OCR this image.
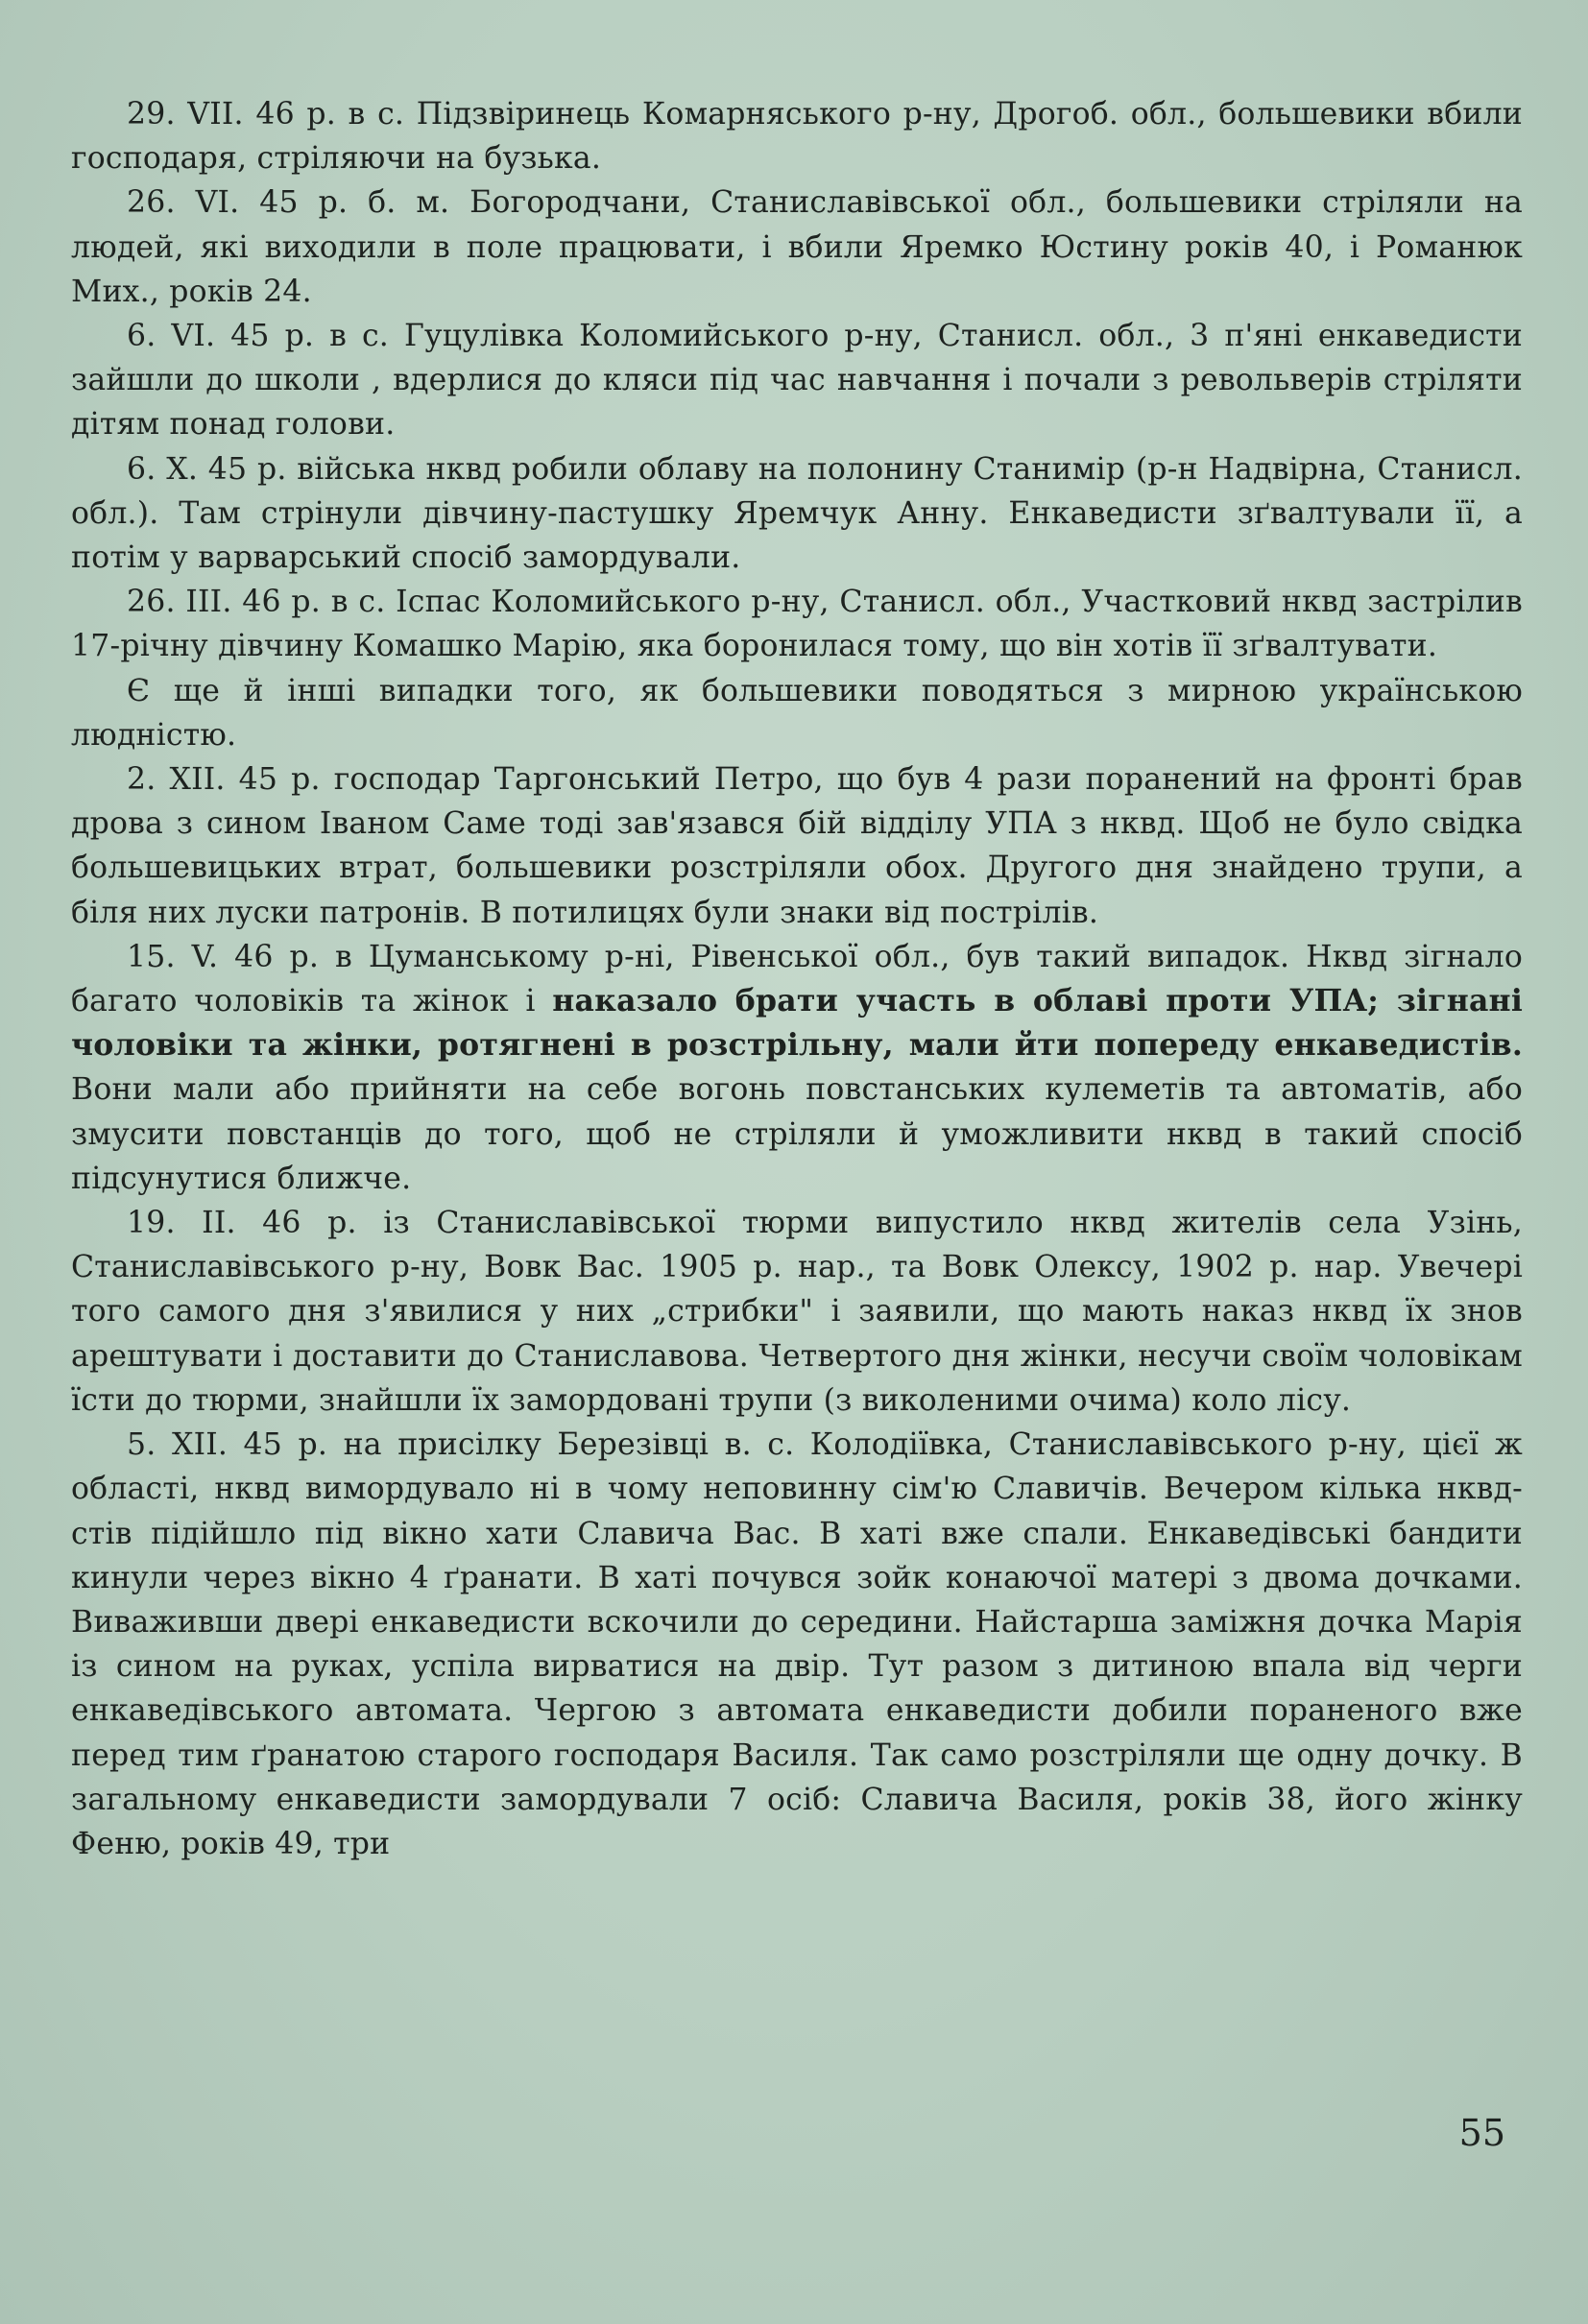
29. VII. 46 р. в с. Підзвіринець Комарняського р-ну, Дрогоб. обл., большевики вбили господаря, стріляючи на бузька.

26. VI. 45 р. б. м. Богородчани, Станиславівської обл., большевики стріляли на людей, які виходили в поле працювати, і вбили Яремко Юстину років 40, і Романюк Мих., років 24.

6. VI. 45 р. в с. Гуцулівка Коломийського р-ну, Станисл. обл., 3 п'яні енкаведисти зайшли до школи , вдерлися до кляси під час навчання і почали з револьверів стріляти дітям понад голови.

6. X. 45 р. війська нквд робили облаву на полонину Станимір (р-н Надвірна, Станисл. обл.). Там стрінули дівчину-пастушку Яремчук Анну. Енкаведисти зґвалтували її, а потім у варварський спосіб замордували.

26. III. 46 р. в с. Іспас Коломийського р-ну, Станисл. обл., Участковий нквд застрілив 17-річну дівчину Комашко Марію, яка боронилася тому, що він хотів її зґвалтувати.

Є ще й інші випадки того, як большевики поводяться з мирною українською людністю.

2. XII. 45 р. господар Таргонський Петро, що був 4 рази поранений на фронті брав дрова з сином Іваном Саме тоді зав'язався бій відділу УПА з нквд. Щоб не було свідка большевицьких втрат, большевики розстріляли обох. Другого дня знайдено трупи, а біля них луски патронів. В потилицях були знаки від пострілів.

15. V. 46 р. в Цуманському р-ні, Рівенської обл., був такий випадок. Нквд зігнало багато чоловіків та жінок і наказало брати участь в облаві проти УПА; зігнані чоловіки та жінки, ротягнені в розстрільну, мали йти попереду енкаведистів. Вони мали або прийняти на себе вогонь повстанських кулеметів та автоматів, або змусити повстанців до того, щоб не стріляли й уможливити нквд в такий спосіб підсунутися ближче.

19. II. 46 р. із Станиславівської тюрми випустило нквд жителів села Узінь, Станиславівського р-ну, Вовк Вас. 1905 р. нар., та Вовк Олексу, 1902 р. нар. Увечері того самого дня з'явилися у них „стрибки" і заявили, що мають наказ нквд їх знов арештувати і доставити до Станиславова. Четвертого дня жінки, несучи своїм чоловікам їсти до тюрми, знайшли їх замордовані трупи (з виколеними очима) коло лісу.

5. XII. 45 р. на присілку Березівці в. с. Колодіївка, Станиславівського р-ну, цієї ж області, нквд вимордувало ні в чому неповинну сім'ю Славичів. Вечером кілька нквд-стів підійшло під вікно хати Славича Вас. В хаті вже спали. Енкаведівські бандити кинули через вікно 4 ґранати. В хаті почувся зойк конаючої матері з двома дочками. Виваживши двері енкаведисти вскочили до середини. Найстарша заміжня дочка Марія із сином на руках, успіла вирватися на двір. Тут разом з дитиною впала від черги енкаведівського автомата. Чергою з автомата енкаведисти добили пораненого вже перед тим ґранатою старого господаря Василя. Так само розстріляли ще одну дочку. В загальному енкаведисти замордували 7 осіб: Славича Василя, років 38, його жінку Феню, років 49, три

55
